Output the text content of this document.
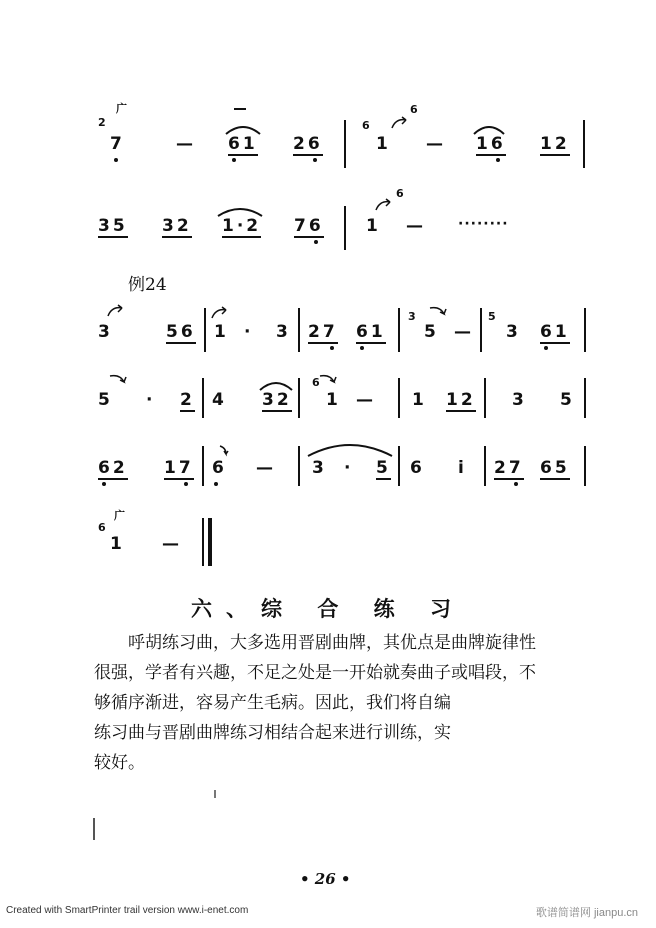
2
广
7	— 61 26
6
1
6
— 16 12
35 32 1·2 76 1
6
— ········
例24
3	56 1 · 3 27 61
3
5 —
5
3 61
5 · 2 4 32
6
1 — 1 12 3 5
62 17 6 — 3 · 5 6 i 27 65
6
广
1 —
六、综 合 练 习
呼胡练习曲，大多选用晋剧曲牌，其优点是曲牌旋律性
很强，学者有兴趣，不足之处是一开始就奏曲子或唱段，不
够循序渐进，容易产生毛病。因此，我们将自编
练习曲与晋剧曲牌练习相结合起来进行训练，实
较好。
• 26 •
Created with SmartPrinter trail version www.i-enet.com	歌谱简谱网 jianpu.cn
